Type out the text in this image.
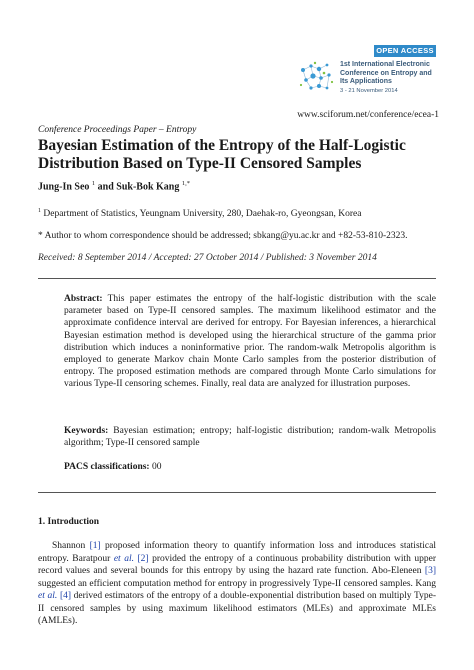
OPEN ACCESS
1st International Electronic
Conference on Entropy and
Its Applications
3 - 21 November 2014
www.sciforum.net/conference/ecea-1
Conference Proceedings Paper – Entropy
Bayesian Estimation of the Entropy of the Half-Logistic Distribution Based on Type-II Censored Samples
Jung-In Seo $^1$ and Suk-Bok Kang $^{1,*}$
$^1$ Department of Statistics, Yeungnam University, 280, Daehak-ro, Gyeongsan, Korea
* Author to whom correspondence should be addressed; sbkang@yu.ac.kr and +82-53-810-2323.
Received: 8 September 2014 / Accepted: 27 October 2014 / Published: 3 November 2014
Abstract: This paper estimates the entropy of the half-logistic distribution with the scale parameter based on Type-II censored samples. The maximum likelihood estimator and the approximate confidence interval are derived for entropy. For Bayesian inferences, a hierarchical Bayesian estimation method is developed using the hierarchical structure of the gamma prior distribution which induces a noninformative prior. The random-walk Metropolis algorithm is employed to generate Markov chain Monte Carlo samples from the posterior distribution of entropy. The proposed estimation methods are compared through Monte Carlo simulations for various Type-II censoring schemes. Finally, real data are analyzed for illustration purposes.
Keywords: Bayesian estimation; entropy; half-logistic distribution; random-walk Metropolis algorithm; Type-II censored sample
PACS classifications: 00
1. Introduction
Shannon [1] proposed information theory to quantify information loss and introduces statistical entropy. Baratpour et al. [2] provided the entropy of a continuous probability distribution with upper record values and several bounds for this entropy by using the hazard rate function. Abo-Eleneen [3] suggested an efficient computation method for entropy in progressively Type-II censored samples. Kang et al. [4] derived estimators of the entropy of a double-exponential distribution based on multiply Type-II censored samples by using maximum likelihood estimators (MLEs) and approximate MLEs (AMLEs).
